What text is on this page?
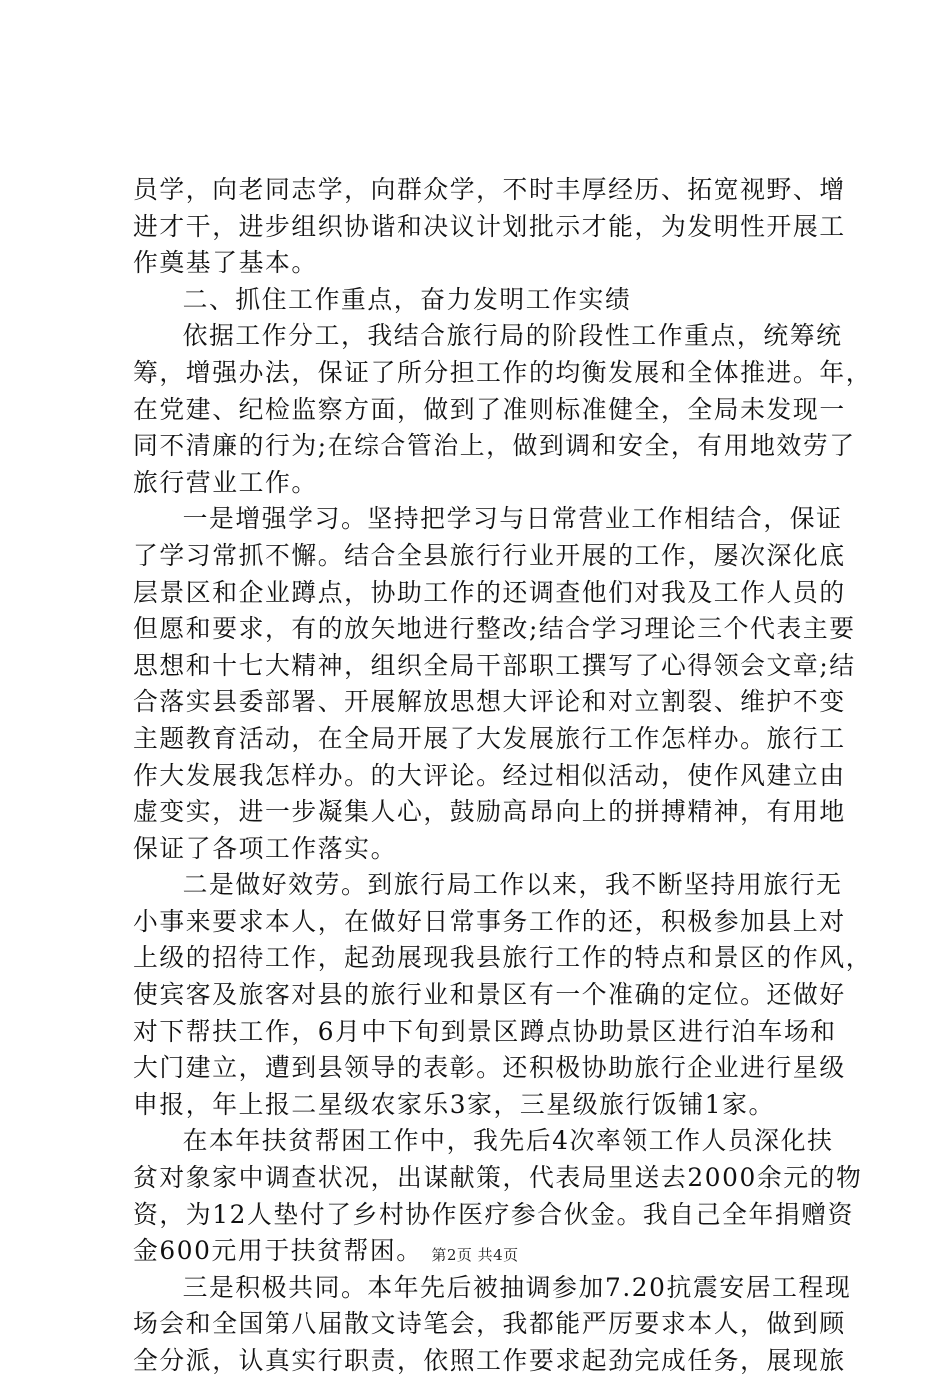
员学，向老同志学，向群众学，不时丰厚经历、拓宽视野、增
进才干，进步组织协谐和决议计划批示才能，为发明性开展工
作奠基了基本。

二、抓住工作重点，奋力发明工作实绩

依据工作分工，我结合旅行局的阶段性工作重点，统筹统
筹，增强办法，保证了所分担工作的均衡发展和全体推进。年，
在党建、纪检监察方面，做到了准则标准健全，全局未发现一
同不清廉的行为;在综合管治上，做到调和安全，有用地效劳了
旅行营业工作。

一是增强学习。坚持把学习与日常营业工作相结合，保证
了学习常抓不懈。结合全县旅行行业开展的工作，屡次深化底
层景区和企业蹲点，协助工作的还调查他们对我及工作人员的
但愿和要求，有的放矢地进行整改;结合学习理论三个代表主要
思想和十七大精神，组织全局干部职工撰写了心得领会文章;结
合落实县委部署、开展解放思想大评论和对立割裂、维护不变
主题教育活动，在全局开展了大发展旅行工作怎样办。旅行工
作大发展我怎样办。的大评论。经过相似活动，使作风建立由
虚变实，进一步凝集人心，鼓励高昂向上的拼搏精神，有用地
保证了各项工作落实。

二是做好效劳。到旅行局工作以来，我不断坚持用旅行无
小事来要求本人，在做好日常事务工作的还，积极参加县上对
上级的招待工作，起劲展现我县旅行工作的特点和景区的作风，
使宾客及旅客对县的旅行业和景区有一个准确的定位。还做好
对下帮扶工作，6月中下旬到景区蹲点协助景区进行泊车场和
大门建立，遭到县领导的表彰。还积极协助旅行企业进行星级
申报，年上报二星级农家乐3家，三星级旅行饭铺1家。

在本年扶贫帮困工作中，我先后4次率领工作人员深化扶
贫对象家中调查状况，出谋献策，代表局里送去2000余元的物
资，为12人垫付了乡村协作医疗参合伙金。我自己全年捐赠资
金600元用于扶贫帮困。

三是积极共同。本年先后被抽调参加7.20抗震安居工程现
场会和全国第八届散文诗笔会，我都能严厉要求本人，做到顾
全分派，认真实行职责，依照工作要求起劲完成任务，展现旅

第2页 共4页
